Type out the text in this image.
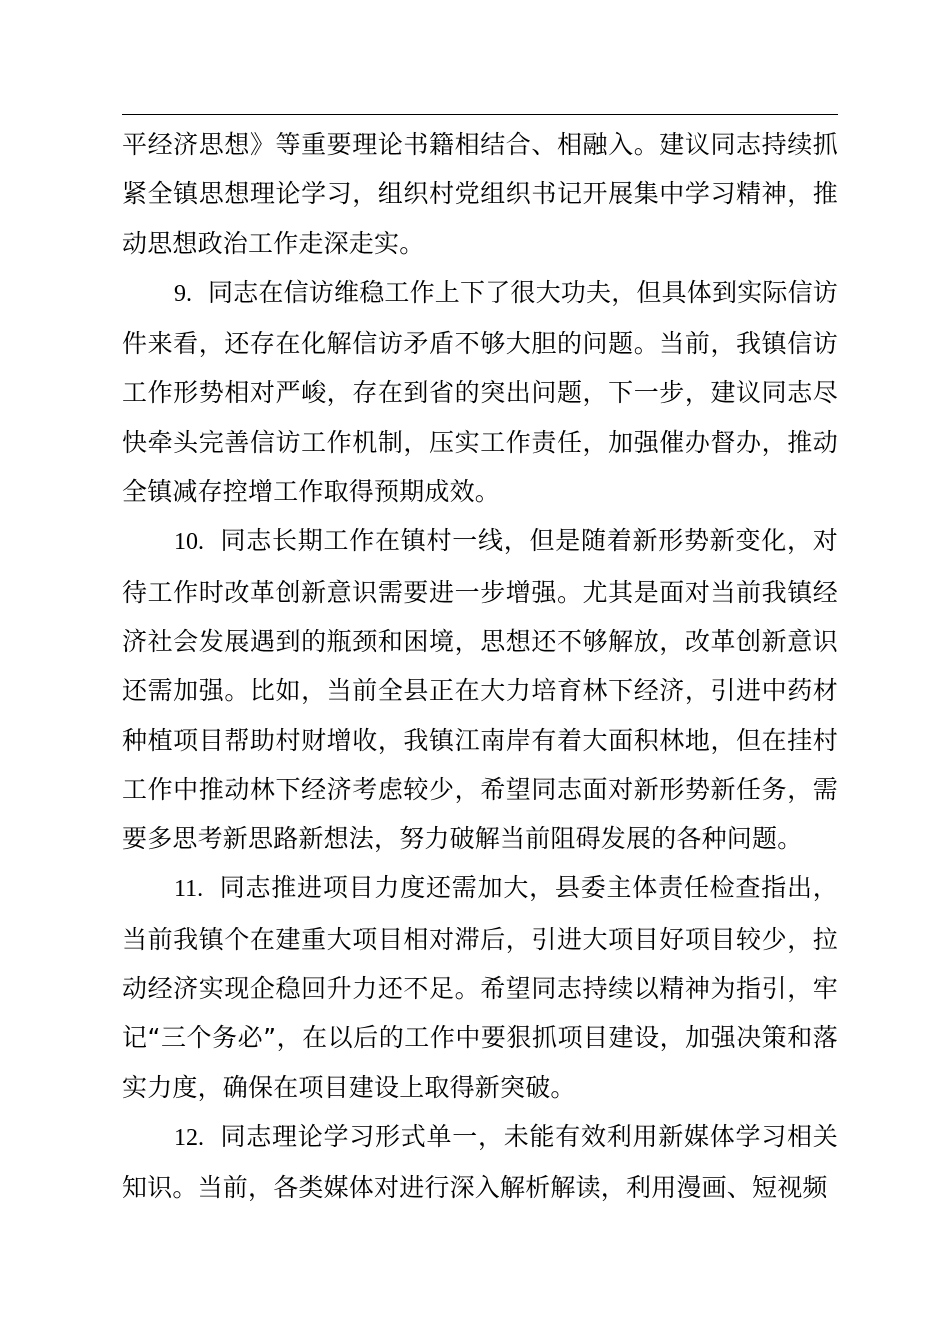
平经济思想》等重要理论书籍相结合、相融入。建议同志持续抓紧全镇思想理论学习，组织村党组织书记开展集中学习精神，推动思想政治工作走深走实。

9. 同志在信访维稳工作上下了很大功夫，但具体到实际信访件来看，还存在化解信访矛盾不够大胆的问题。当前，我镇信访工作形势相对严峻，存在到省的突出问题，下一步，建议同志尽快牵头完善信访工作机制，压实工作责任，加强催办督办，推动全镇减存控增工作取得预期成效。

10. 同志长期工作在镇村一线，但是随着新形势新变化，对待工作时改革创新意识需要进一步增强。尤其是面对当前我镇经济社会发展遇到的瓶颈和困境，思想还不够解放，改革创新意识还需加强。比如，当前全县正在大力培育林下经济，引进中药材种植项目帮助村财增收，我镇江南岸有着大面积林地，但在挂村工作中推动林下经济考虑较少，希望同志面对新形势新任务，需要多思考新思路新想法，努力破解当前阻碍发展的各种问题。

11. 同志推进项目力度还需加大，县委主体责任检查指出，当前我镇个在建重大项目相对滞后，引进大项目好项目较少，拉动经济实现企稳回升力还不足。希望同志持续以精神为指引，牢记“三个务必”，在以后的工作中要狠抓项目建设，加强决策和落实力度，确保在项目建设上取得新突破。

12. 同志理论学习形式单一，未能有效利用新媒体学习相关知识。当前，各类媒体对进行深入解析解读，利用漫画、短视频
